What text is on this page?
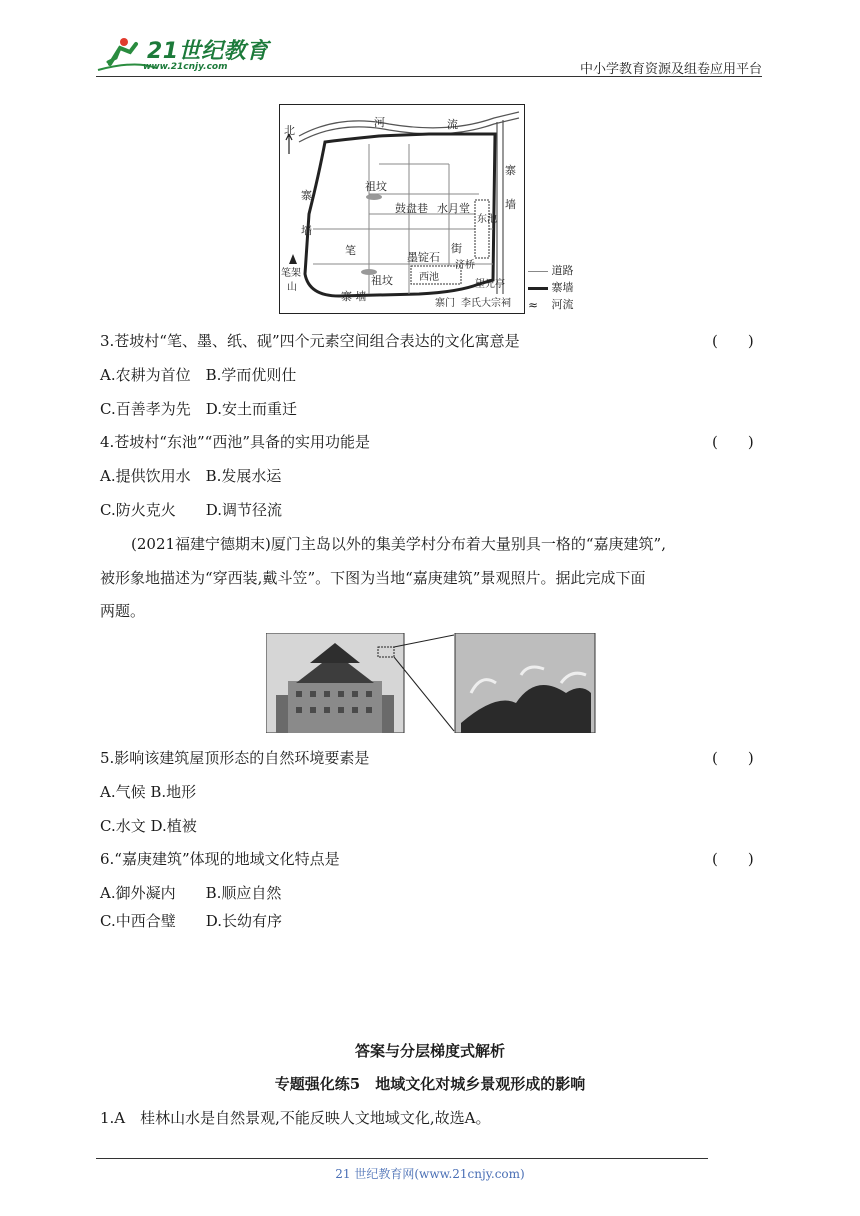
21世纪教育
www.21cnjy.com	中小学教育资源及组卷应用平台
河	流
北
寨
墙
寨
墙
祖坟
鼓盘巷 水月堂
东池
街
笔
墨锭石
济桥
笔架
山
祖坟	西池
望兄亭
寨 墙
寨门 李氏大宗祠
道路
寨墙
≈ 河流
3.苍坡村“笔、墨、纸、砚”四个元素空间组合表达的文化寓意是	(　　)
A.农耕为首位　B.学而优则仕
C.百善孝为先　D.安土而重迁
4.苍坡村“东池”“西池”具备的实用功能是	(　　)
A.提供饮用水　B.发展水运
C.防火克火　　D.调节径流
(2021福建宁德期末)厦门主岛以外的集美学村分布着大量别具一格的“嘉庚建筑”,
被形象地描述为“穿西装,戴斗笠”。下图为当地“嘉庚建筑”景观照片。据此完成下面
两题。
5.影响该建筑屋顶形态的自然环境要素是	(　　)
A.气候 B.地形
C.水文 D.植被
6.“嘉庚建筑”体现的地域文化特点是	(　　)
A.御外凝内　　B.顺应自然
C.中西合璧　　D.长幼有序
答案与分层梯度式解析
专题强化练5　地域文化对城乡景观形成的影响
1.A　桂林山水是自然景观,不能反映人文地域文化,故选A。
21 世纪教育网(www.21cnjy.com)
